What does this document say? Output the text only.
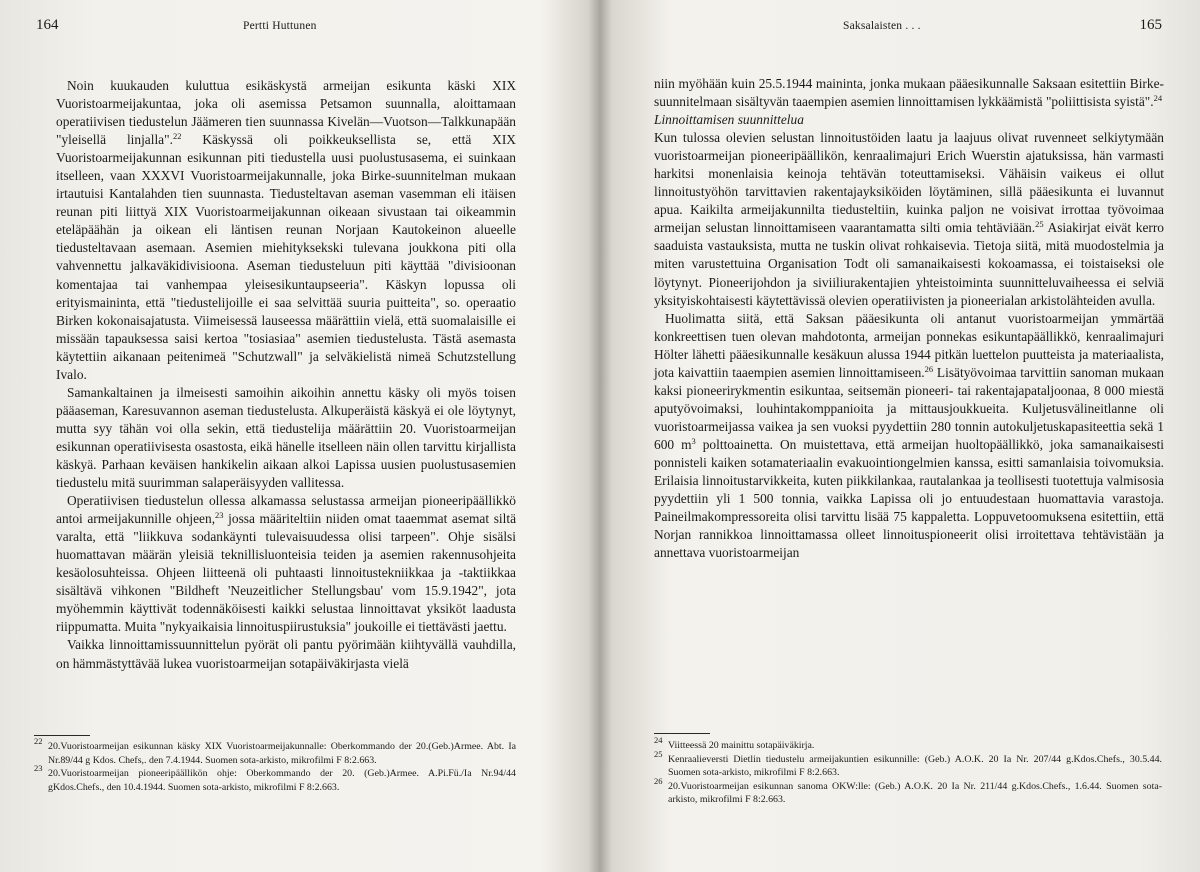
164	Pertti Huttunen

Noin kuukauden kuluttua esikäskystä armeijan esikunta käski XIX Vuoristoarmeijakuntaa, joka oli asemissa Petsamon suunnalla, aloittamaan operatiivisen tiedustelun Jäämeren tien suunnassa Kivelän—Vuotson—Talkkunapään "yleisellä linjalla".$^{22}$ Käskyssä oli poikkeuksellista se, että XIX Vuoristoarmeijakunnan esikunnan piti tiedustella uusi puolustusasema, ei suinkaan itselleen, vaan XXXVI Vuoristoarmeijakunnalle, joka Birke-suunnitelman mukaan irtautuisi Kantalahden tien suunnasta. Tiedusteltavan aseman vasemman eli itäisen reunan piti liittyä XIX Vuoristoarmeijakunnan oikeaan sivustaan tai oikeammin eteläpäähän ja oikean eli läntisen reunan Norjaan Kautokeinon alueelle tiedusteltavaan asemaan. Asemien miehityksekski tulevana joukkona piti olla vahvennettu jalkaväkidivisioona. Aseman tiedusteluun piti käyttää "divisioonan komentajaa tai vanhempaa yleisesikuntaupseeria". Käskyn lopussa oli erityismaininta, että "tiedustelijoille ei saa selvittää suuria puitteita", so. operaatio Birken kokonaisajatusta. Viimeisessä lauseessa määrättiin vielä, että suomalaisille ei missään tapauksessa saisi kertoa "tosiasiaa" asemien tiedustelusta. Tästä asemasta käytettiin aikanaan peitenimeä "Schutzwall" ja selväkielistä nimeä Schutzstellung Ivalo.

Samankaltainen ja ilmeisesti samoihin aikoihin annettu käsky oli myös toisen pääaseman, Karesuvannon aseman tiedustelusta. Alkuperäistä käskyä ei ole löytynyt, mutta syy tähän voi olla sekin, että tiedustelija määrättiin 20. Vuoristoarmeijan esikunnan operatiivisesta osastosta, eikä hänelle itselleen näin ollen tarvittu kirjallista käskyä. Parhaan keväisen hankikelin aikaan alkoi Lapissa uusien puolustusasemien tiedustelu mitä suurimman salaperäisyyden vallitessa.

Operatiivisen tiedustelun ollessa alkamassa selustassa armeijan pioneeripäällikkö antoi armeijakunnille ohjeen,$^{23}$ jossa määriteltiin niiden omat taaemmat asemat siltä varalta, että "liikkuva sodankäynti tulevaisuudessa olisi tarpeen". Ohje sisälsi huomattavan määrän yleisiä teknillisluonteisia teiden ja asemien rakennusohjeita kesäolosuhteissa. Ohjeen liitteenä oli puhtaasti linnoitustekniikkaa ja -taktiikkaa sisältävä vihkonen "Bildheft 'Neuzeitlicher Stellungsbau' vom 15.9.1942", jota myöhemmin käyttivät todennäköisesti kaikki selustaa linnoittavat yksiköt laadusta riippumatta. Muita "nykyaikaisia linnoituspiirustuksia" joukoille ei tiettävästi jaettu.

Vaikka linnoittamissuunnittelun pyörät oli pantu pyörimään kiihtyvällä vauhdilla, on hämmästyttävää lukea vuoristoarmeijan sotapäiväkirjasta vielä

$^{22}$ 20.Vuoristoarmeijan esikunnan käsky XIX Vuoristoarmeijakunnalle: Oberkommando der 20.(Geb.)Armee. Abt. Ia Nr.89/44 g Kdos. Chefs,. den 7.4.1944. Suomen sota-arkisto, mikrofilmi F 8:2.663.

$^{23}$ 20.Vuoristoarmeijan pioneeripäällikön ohje: Oberkommando der 20. (Geb.)Armee. A.Pi.Fü./Ia Nr.94/44 gKdos.Chefs., den 10.4.1944. Suomen sota-arkisto, mikrofilmi F 8:2.663.

Saksalaisten . . .	165

niin myöhään kuin 25.5.1944 maininta, jonka mukaan pääesikunnalle Saksaan esitettiin Birke-suunnitelmaan sisältyvän taaempien asemien linnoittamisen lykkäämistä "poliittisista syistä".$^{24}$

Linnoittamisen suunnittelua

Kun tulossa olevien selustan linnoitustöiden laatu ja laajuus olivat ruvenneet selkiytymään vuoristoarmeijan pioneeripäällikön, kenraalimajuri Erich Wuerstin ajatuksissa, hän varmasti harkitsi monenlaisia keinoja tehtävän toteuttamiseksi. Vähäisin vaikeus ei ollut linnoitustyöhön tarvittavien rakentajayksiköiden löytäminen, sillä pääesikunta ei luvannut apua. Kaikilta armeijakunnilta tiedusteltiin, kuinka paljon ne voisivat irrottaa työvoimaa armeijan selustan linnoittamiseen vaarantamatta silti omia tehtäviään.$^{25}$ Asiakirjat eivät kerro saaduista vastauksista, mutta ne tuskin olivat rohkaisevia. Tietoja siitä, mitä muodostelmia ja miten varustettuina Organisation Todt oli samanaikaisesti kokoamassa, ei toistaiseksi ole löytynyt. Pioneerijohdon ja siviiliurakentajien yhteistoiminta suunnitteluvaiheessa ei selviä yksityiskohtaisesti käytettävissä olevien operatiivisten ja pioneerialan arkistolähteiden avulla.

Huolimatta siitä, että Saksan pääesikunta oli antanut vuoristoarmeijan ymmärtää konkreettisen tuen olevan mahdotonta, armeijan ponnekas esikuntapäällikkö, kenraalimajuri Hölter lähetti pääesikunnalle kesäkuun alussa 1944 pitkän luettelon puutteista ja materiaalista, jota kaivattiin taaempien asemien linnoittamiseen.$^{26}$ Lisätyövoimaa tarvittiin sanoman mukaan kaksi pioneerirykmentin esikuntaa, seitsemän pioneeri- tai rakentajapataljoonaa, 8 000 miestä aputyövoimaksi, louhintakomppanioita ja mittausjoukkueita. Kuljetusvälineitlanne oli vuoristoarmeijassa vaikea ja sen vuoksi pyydettiin 280 tonnin autokuljetuskapasiteettia sekä 1 600 $m^3$ polttoainetta. On muistettava, että armeijan huoltopäällikkö, joka samanaikaisesti ponnisteli kaiken sotamateriaalin evakuointiongelmien kanssa, esitti samanlaisia toivomuksia. Erilaisia linnoitustarvikkeita, kuten piikkilankaa, rautalankaa ja teollisesti tuotettuja valmisosia pyydettiin yli 1 500 tonnia, vaikka Lapissa oli jo entuudestaan huomattavia varastoja. Paineilmakompressoreita olisi tarvittu lisää 75 kappaletta. Loppuvetoomuksena esitettiin, että Norjan rannikkoa linnoittamassa olleet linnoituspioneerit olisi irroitettava tehtävistään ja annettava vuoristoarmeijan

$^{24}$ Viitteessä 20 mainittu sotapäiväkirja.

$^{25}$ Kenraalieversti Dietlin tiedustelu armeijakuntien esikunnille: (Geb.) A.O.K. 20 Ia Nr. 207/44 g.Kdos.Chefs., 30.5.44. Suomen sota-arkisto, mikrofilmi F 8:2.663.

$^{26}$ 20.Vuoristoarmeijan esikunnan sanoma OKW:lle: (Geb.) A.O.K. 20 Ia Nr. 211/44 g.Kdos.Chefs., 1.6.44. Suomen sota-arkisto, mikrofilmi F 8:2.663.
